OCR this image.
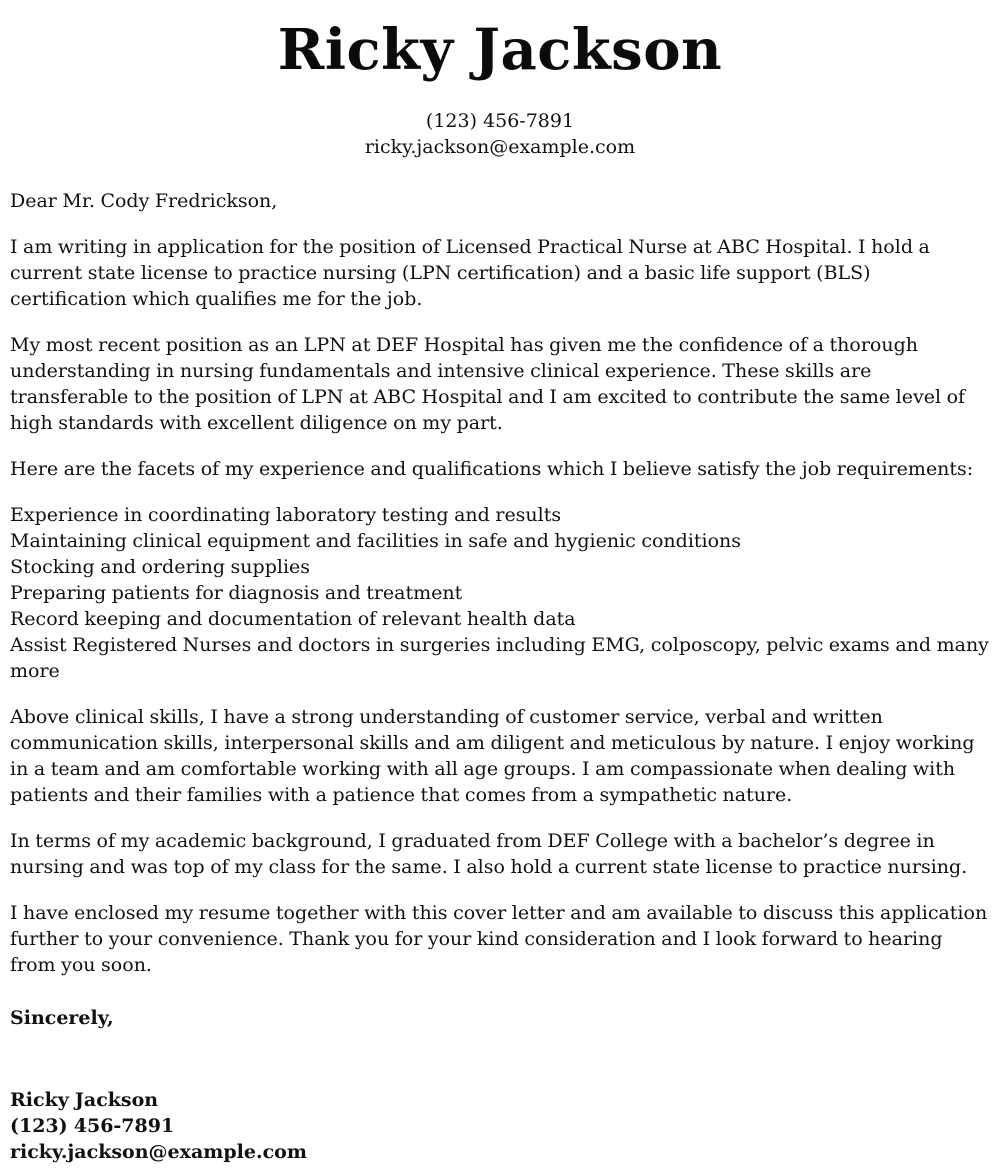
Ricky Jackson
(123) 456-7891
ricky.jackson@example.com
Dear Mr. Cody Fredrickson,

I am writing in application for the position of Licensed Practical Nurse at ABC Hospital. I hold a current state license to practice nursing (LPN certification) and a basic life support (BLS) certification which qualifies me for the job.

My most recent position as an LPN at DEF Hospital has given me the confidence of a thorough understanding in nursing fundamentals and intensive clinical experience. These skills are transferable to the position of LPN at ABC Hospital and I am excited to contribute the same level of high standards with excellent diligence on my part.

Here are the facets of my experience and qualifications which I believe satisfy the job requirements:

Experience in coordinating laboratory testing and results
Maintaining clinical equipment and facilities in safe and hygienic conditions
Stocking and ordering supplies
Preparing patients for diagnosis and treatment
Record keeping and documentation of relevant health data
Assist Registered Nurses and doctors in surgeries including EMG, colposcopy, pelvic exams and many more

Above clinical skills, I have a strong understanding of customer service, verbal and written communication skills, interpersonal skills and am diligent and meticulous by nature. I enjoy working in a team and am comfortable working with all age groups. I am compassionate when dealing with patients and their families with a patience that comes from a sympathetic nature.

In terms of my academic background, I graduated from DEF College with a bachelor’s degree in nursing and was top of my class for the same. I also hold a current state license to practice nursing.

I have enclosed my resume together with this cover letter and am available to discuss this application further to your convenience. Thank you for your kind consideration and I look forward to hearing from you soon.

Sincerely,
Ricky Jackson
(123) 456-7891
ricky.jackson@example.com
